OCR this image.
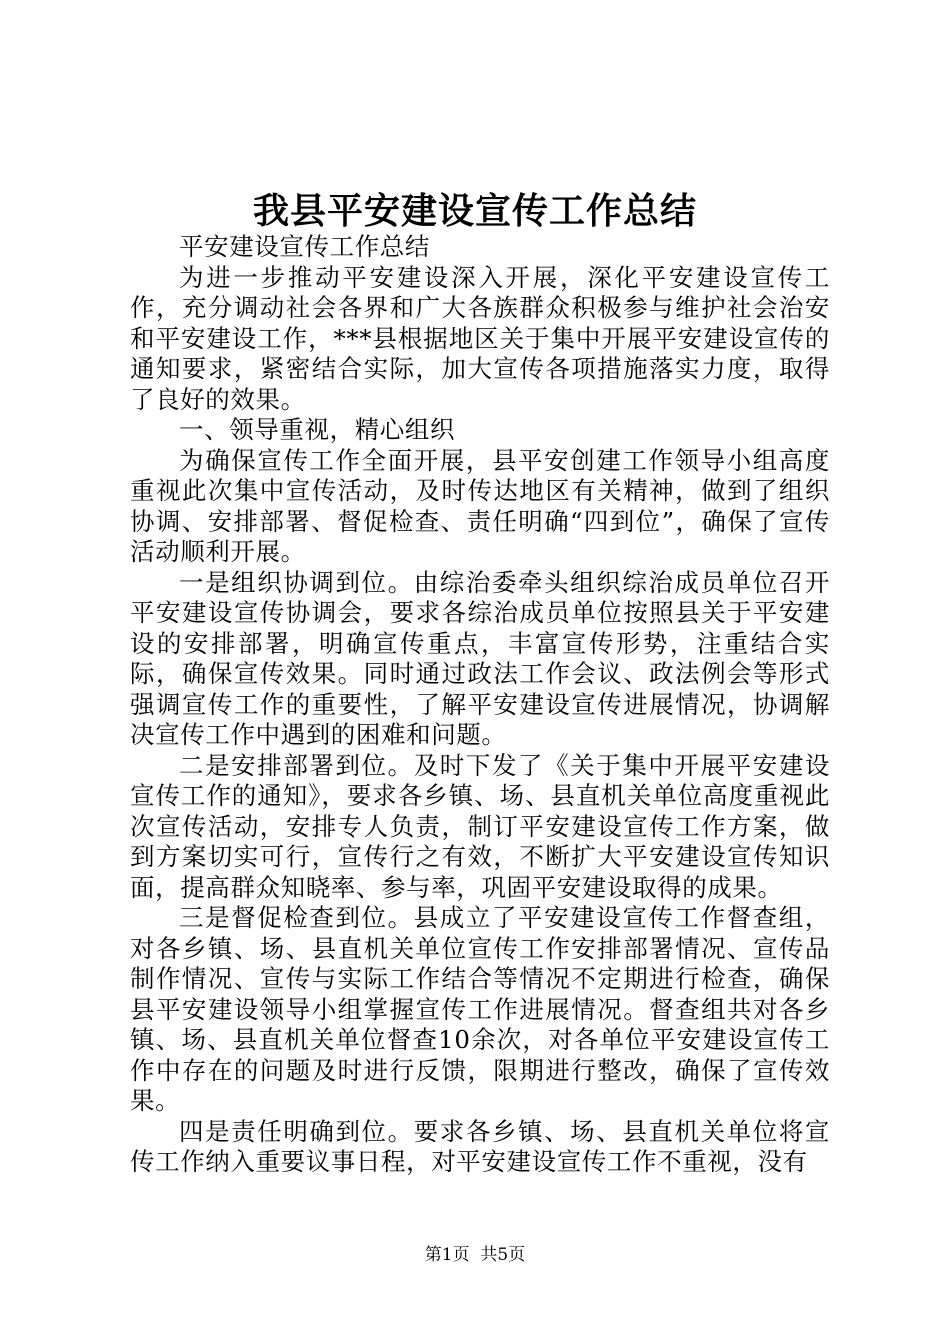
我县平安建设宣传工作总结

平安建设宣传工作总结

为进一步推动平安建设深入开展，深化平安建设宣传工作，充分调动社会各界和广大各族群众积极参与维护社会治安和平安建设工作，***县根据地区关于集中开展平安建设宣传的通知要求，紧密结合实际，加大宣传各项措施落实力度，取得了良好的效果。

一、领导重视，精心组织

为确保宣传工作全面开展，县平安创建工作领导小组高度重视此次集中宣传活动，及时传达地区有关精神，做到了组织协调、安排部署、督促检查、责任明确“四到位”，确保了宣传活动顺利开展。

一是组织协调到位。由综治委牵头组织综治成员单位召开平安建设宣传协调会，要求各综治成员单位按照县关于平安建设的安排部署，明确宣传重点，丰富宣传形势，注重结合实际，确保宣传效果。同时通过政法工作会议、政法例会等形式强调宣传工作的重要性，了解平安建设宣传进展情况，协调解决宣传工作中遇到的困难和问题。

二是安排部署到位。及时下发了《关于集中开展平安建设宣传工作的通知》，要求各乡镇、场、县直机关单位高度重视此次宣传活动，安排专人负责，制订平安建设宣传工作方案，做到方案切实可行，宣传行之有效，不断扩大平安建设宣传知识面，提高群众知晓率、参与率，巩固平安建设取得的成果。

三是督促检查到位。县成立了平安建设宣传工作督查组，对各乡镇、场、县直机关单位宣传工作安排部署情况、宣传品制作情况、宣传与实际工作结合等情况不定期进行检查，确保县平安建设领导小组掌握宣传工作进展情况。督查组共对各乡镇、场、县直机关单位督查10余次，对各单位平安建设宣传工作中存在的问题及时进行反馈，限期进行整改，确保了宣传效果。

四是责任明确到位。要求各乡镇、场、县直机关单位将宣传工作纳入重要议事日程，对平安建设宣传工作不重视，没有

第1页 共5页
